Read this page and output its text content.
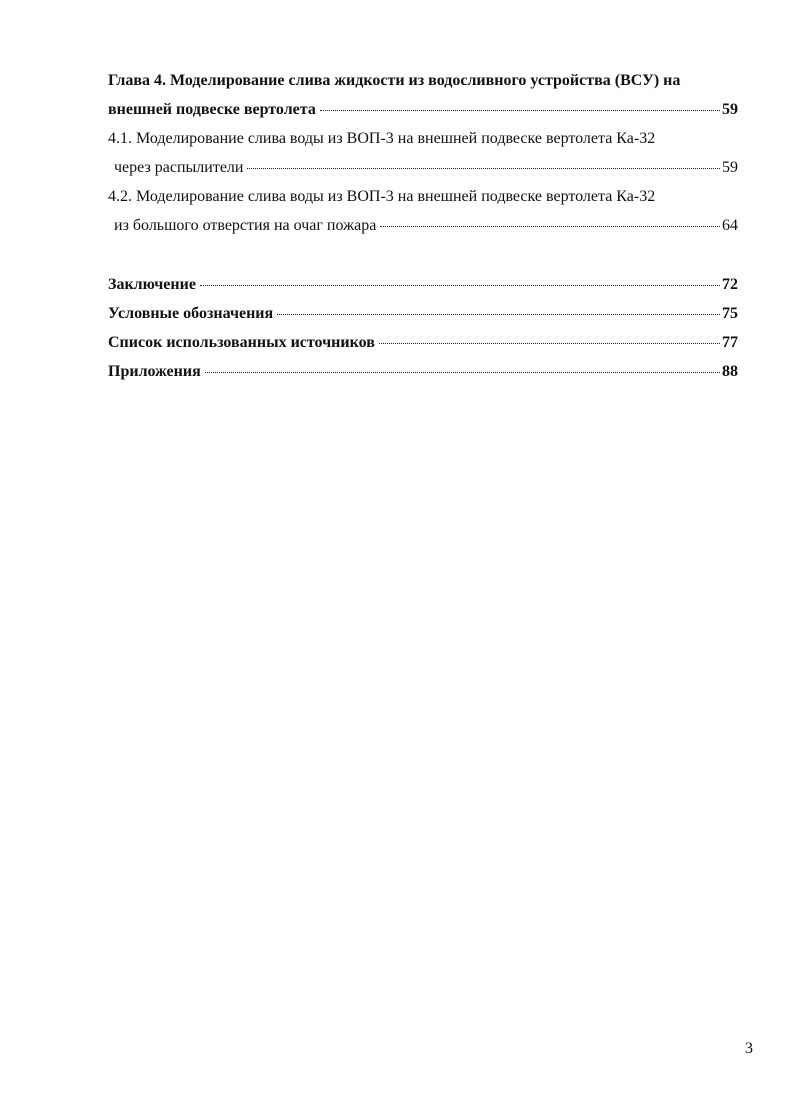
Глава 4. Моделирование слива жидкости из водосливного устройства (ВСУ) на
внешней подвеске вертолета	59
4.1. Моделирование слива воды из ВОП-3 на внешней подвеске вертолета Ка-32
через распылители	59
4.2. Моделирование слива воды из ВОП-3 на внешней подвеске вертолета Ка-32
из большого отверстия на очаг пожара	64
Заключение	72
Условные обозначения	75
Список использованных источников	77
Приложения	88
3
